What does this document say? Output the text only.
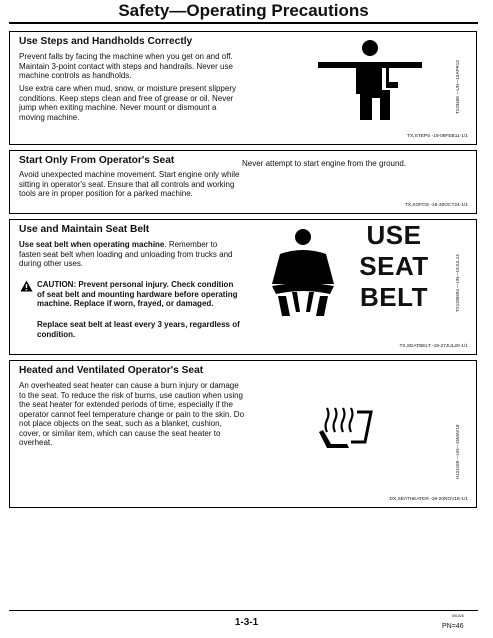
Safety—Operating Precautions
Use Steps and Handholds Correctly

Prevent falls by facing the machine when you get on and off. Maintain 3-point contact with steps and handrails. Never use machine controls as handholds.

Use extra care when mud, snow, or moisture present slippery conditions. Keep steps clean and free of grease or oil. Never jump when exiting machine. Never mount or dismount a moving machine.

T133468 —UN—15APR13
TX,STEPS -19-09FEB11-1/1
Start Only From Operator's Seat

Avoid unexpected machine movement. Start engine only while sitting in operator's seat. Ensure that all controls and working tools are in proper position for a parked machine.

Never attempt to start engine from the ground.

TX,SOFOS -19-30OCT24-1/1
Use and Maintain Seat Belt

Use seat belt when operating machine. Remember to fasten seat belt when loading and unloading from trucks and during other uses.

CAUTION: Prevent personal injury. Check condition of seat belt and mounting hardware before operating machine. Replace if worn, frayed, or damaged.

Replace seat belt at least every 3 years, regardless of condition.

USE
SEAT
BELT	TX1185694 —UN—19JUL14
TX,SEATBELT -19-27JUL20-1/1
Heated and Ventilated Operator's Seat

An overheated seat heater can cause a burn injury or damage to the seat. To reduce the risk of burns, use caution when using the seat heater for extended periods of time, especially if the operator cannot feel temperature change or pain to the skin. Do not place objects on the seat, such as a blanket, cushion, cover, or similar item, which can cause the seat heater to overheat.	H124169 —UN—15MAY18
DX,SEATHEATER -19-20NOV18-1/1
051026
1-3-1	PN=46
